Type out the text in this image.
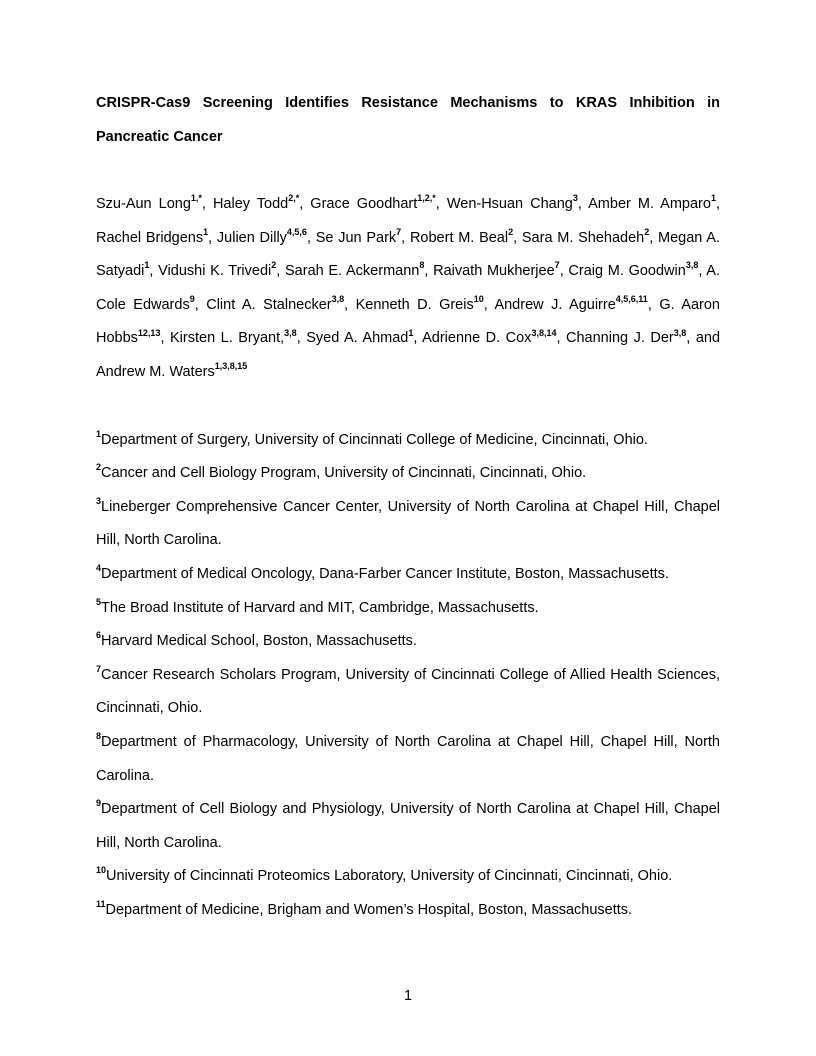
CRISPR-Cas9 Screening Identifies Resistance Mechanisms to KRAS Inhibition in Pancreatic Cancer

Szu-Aun Long$^{1,*}$, Haley Todd$^{2,*}$, Grace Goodhart$^{1,2,*}$, Wen-Hsuan Chang$^3$, Amber M. Amparo$^1$, Rachel Bridgens$^1$, Julien Dilly$^{4,5,6}$, Se Jun Park$^7$, Robert M. Beal$^2$, Sara M. Shehadeh$^2$, Megan A. Satyadi$^1$, Vidushi K. Trivedi$^2$, Sarah E. Ackermann$^8$, Raivath Mukherjee$^7$, Craig M. Goodwin$^{3,8}$, A. Cole Edwards$^9$, Clint A. Stalnecker$^{3,8}$, Kenneth D. Greis$^{10}$, Andrew J. Aguirre$^{4,5,6,11}$, G. Aaron Hobbs$^{12,13}$, Kirsten L. Bryant,$^{3,8}$, Syed A. Ahmad$^1$, Adrienne D. Cox$^{3,8,14}$, Channing J. Der$^{3,8}$, and Andrew M. Waters$^{1,3,8,15}$

$^1$Department of Surgery, University of Cincinnati College of Medicine, Cincinnati, Ohio.

$^2$Cancer and Cell Biology Program, University of Cincinnati, Cincinnati, Ohio.

$^3$Lineberger Comprehensive Cancer Center, University of North Carolina at Chapel Hill, Chapel Hill, North Carolina.

$^4$Department of Medical Oncology, Dana-Farber Cancer Institute, Boston, Massachusetts.

$^5$The Broad Institute of Harvard and MIT, Cambridge, Massachusetts.

$^6$Harvard Medical School, Boston, Massachusetts.

$^7$Cancer Research Scholars Program, University of Cincinnati College of Allied Health Sciences, Cincinnati, Ohio.

$^8$Department of Pharmacology, University of North Carolina at Chapel Hill, Chapel Hill, North Carolina.

$^9$Department of Cell Biology and Physiology, University of North Carolina at Chapel Hill, Chapel Hill, North Carolina.

$^{10}$University of Cincinnati Proteomics Laboratory, University of Cincinnati, Cincinnati, Ohio.

$^{11}$Department of Medicine, Brigham and Women’s Hospital, Boston, Massachusetts.

1
